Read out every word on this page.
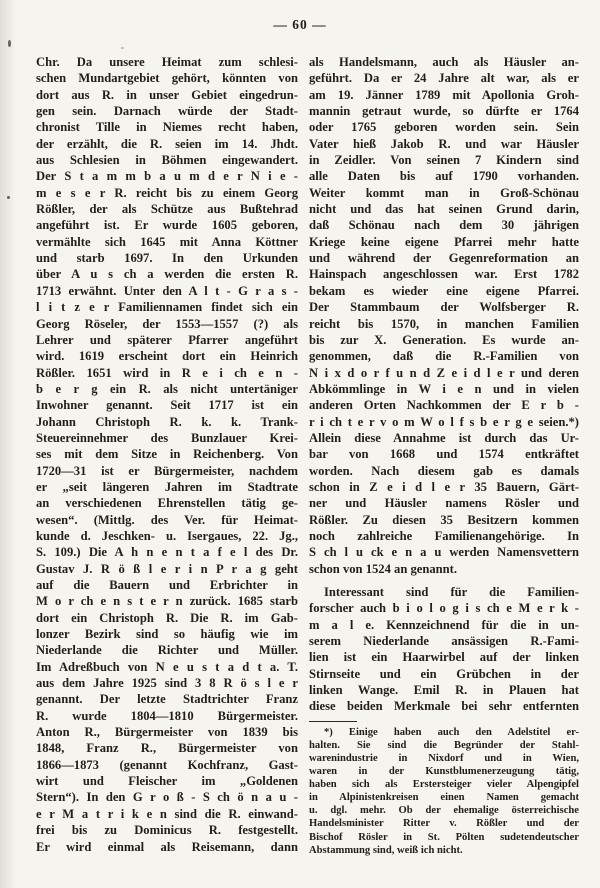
— 60 —
Chr. Da unsere Heimat zum schlesi-
schen Mundartgebiet gehört, könnten von
dort aus R. in unser Gebiet eingedrun-
gen sein. Darnach würde der Stadt-
chronist Tille in Niemes recht haben,
der erzählt, die R. seien im 14. Jhdt.
aus Schlesien in Böhmen eingewandert.
Der S t a m m b a u m d e r N i e -
m e s e r R. reicht bis zu einem Georg
Rößler, der als Schütze aus Bußtehrad
angeführt ist. Er wurde 1605 geboren,
vermählte sich 1645 mit Anna Köttner
und starb 1697. In den Urkunden
über A u s ch a werden die ersten R.
1713 erwähnt. Unter den A l t - G r a s -
l i t z e r Familiennamen findet sich ein
Georg Röseler, der 1553—1557 (?) als
Lehrer und späterer Pfarrer angeführt
wird. 1619 erscheint dort ein Heinrich
Rößler. 1651 wird in R e i ch e n -
b e r g ein R. als nicht untertäniger
Inwohner genannt. Seit 1717 ist ein
Johann Christoph R. k. k. Trank-
Steuereinnehmer des Bunzlauer Krei-
ses mit dem Sitze in Reichenberg. Von
1720—31 ist er Bürgermeister, nachdem
er „seit längeren Jahren im Stadtrate
an verschiedenen Ehrenstellen tätig ge-
wesen“. (Mittlg. des Ver. für Heimat-
kunde d. Jeschken- u. Isergaues, 22. Jg.,
S. 109.) Die A h n e n t a f e l des Dr.
Gustav J. R ö ß l e r i n P r a g geht
auf die Bauern und Erbrichter in
M o r ch e n s t e r n zurück. 1685 starb
dort ein Christoph R. Die R. im Gab-
lonzer Bezirk sind so häufig wie im
Niederlande die Richter und Müller.
Im Adreßbuch von N e u s t a d t a. T.
aus dem Jahre 1925 sind 3 8 R ö s l e r
genannt. Der letzte Stadtrichter Franz
R. wurde 1804—1810 Bürgermeister.
Anton R., Bürgermeister von 1839 bis
1848, Franz R., Bürgermeister von
1866—1873 (genannt Kochfranz, Gast-
wirt und Fleischer im „Goldenen
Stern“). In den G r o ß - S ch ö n a u -
e r M a t r i k e n sind die R. einwand-
frei bis zu Dominicus R. festgestellt.
Er wird einmal als Reisemann, dann
als Handelsmann, auch als Häusler an-
geführt. Da er 24 Jahre alt war, als er
am 19. Jänner 1789 mit Apollonia Groh-
mannin getraut wurde, so dürfte er 1764
oder 1765 geboren worden sein. Sein
Vater hieß Jakob R. und war Häusler
in Zeidler. Von seinen 7 Kindern sind
alle Daten bis auf 1790 vorhanden.
Weiter kommt man in Groß-Schönau
nicht und das hat seinen Grund darin,
daß Schönau nach dem 30 jährigen
Kriege keine eigene Pfarrei mehr hatte
und während der Gegenreformation an
Hainspach angeschlossen war. Erst 1782
bekam es wieder eine eigene Pfarrei.
Der Stammbaum der Wolfsberger R.
reicht bis 1570, in manchen Familien
bis zur X. Generation. Es wurde an-
genommen, daß die R.-Familien von
N i x d o r f u n d Z e i d l e r und deren
Abkömmlinge in W i e n und in vielen
anderen Orten Nachkommen der E r b -
r i ch t e r v o m W o l f s b e r g e seien.*)
Allein diese Annahme ist durch das Ur-
bar von 1668 und 1574 entkräftet
worden. Nach diesem gab es damals
schon in Z e i d l e r 35 Bauern, Gärt-
ner und Häusler namens Rösler und
Rößler. Zu diesen 35 Besitzern kommen
noch zahlreiche Familienangehörige. In
S ch l u ck e n a u werden Namensvettern
schon von 1524 an genannt.
Interessant sind für die Familien-
forscher auch b i o l o g i s ch e M e r k -
m a l e. Kennzeichnend für die in un-
serem Niederlande ansässigen R.-Fami-
lien ist ein Haarwirbel auf der linken
Stirnseite und ein Grübchen in der
linken Wange. Emil R. in Plauen hat
diese beiden Merkmale bei sehr entfernten
*) Einige haben auch den Adelstitel er-
halten. Sie sind die Begründer der Stahl-
warenindustrie in Nixdorf und in Wien,
waren in der Kunstblumenerzeugung tätig,
haben sich als Erstersteiger vieler Alpengipfel
in Alpinistenkreisen einen Namen gemacht
u. dgl. mehr. Ob der ehemalige österreichische
Handelsminister Ritter v. Rößler und der
Bischof Rösler in St. Pölten sudetendeutscher
Abstammung sind, weiß ich nicht.
